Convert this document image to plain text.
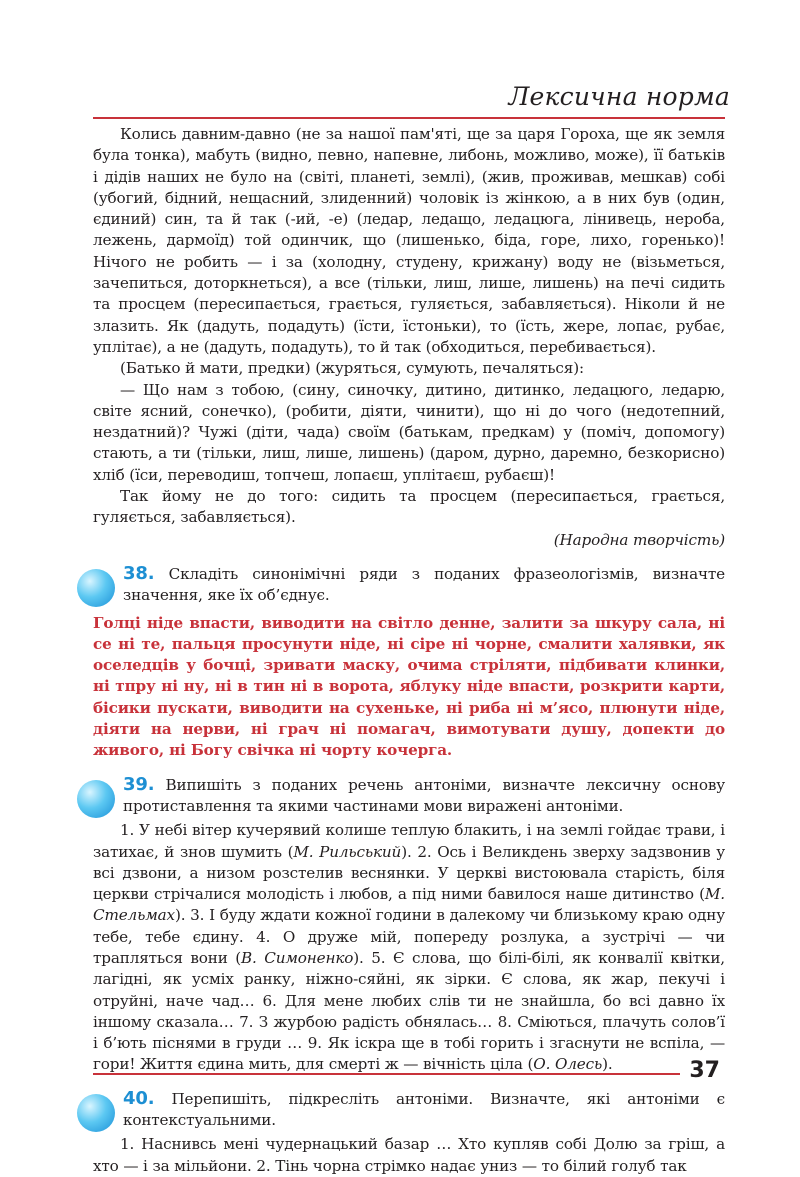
Лексична норма

Колись давним-давно (не за нашої пам'яті, ще за царя Гороха, ще як земля була тонка), мабуть (видно, певно, напевне, либонь, можливо, може), її батьків і дідів наших не було на (світі, планеті, землі), (жив, проживав, мешкав) собі (убогий, бідний, нещасний, злиденний) чоловік із жінкою, а в них був (один, єдиний) син, та й так (-ий, -е) (ледар, ледащо, ледацюга, лінивець, нероба, лежень, дармоїд) той одинчик, що (лишенько, біда, горе, лихо, горенько)! Нічого не робить — і за (холодну, студену, крижану) воду не (візьметься, зачепиться, доторкнеться), а все (тільки, лиш, лише, лишень) на печі сидить та просцем (пересипається, грається, гуляється, забавляється). Ніколи й не злазить. Як (дадуть, подадуть) (їсти, їстоньки), то (їсть, жере, лопає, рубає, уплітає), а не (дадуть, подадуть), то й так (обходиться, перебивається).

(Батько й мати, предки) (журяться, сумують, печаляться):

— Що нам з тобою, (сину, синочку, дитино, дитинко, ледацюго, ледарю, світе ясний, сонечко), (робити, діяти, чинити), що ні до чого (недотепний, нездатний)? Чужі (діти, чада) своїм (батькам, предкам) у (поміч, допомогу) стають, а ти (тільки, лиш, лише, лишень) (даром, дурно, даремно, безкорисно) хліб (їси, переводиш, топчеш, лопаєш, уплітаєш, рубаєш)!

Так йому не до того: сидить та просцем (пересипається, грається, гуляється, забавляється).

(Народна творчість)

38. Складіть синонімічні ряди з поданих фразеологізмів, визначте значення, яке їх об’єднує.

Голці ніде впасти, виводити на світло денне, залити за шкуру сала, ні се ні те, пальця просунути ніде, ні сіре ні чорне, смалити халявки, як оселедців у бочці, зривати маску, очима стріляти, підбивати клинки, ні тпру ні ну, ні в тин ні в ворота, яблуку ніде впасти, розкрити карти, бісики пускати, виводити на сухеньке, ні риба ні м’ясо, плюнути ніде, діяти на нерви, ні грач ні помагач, вимотувати душу, допекти до живого, ні Богу свічка ні чорту кочерга.

39. Випишіть з поданих речень антоніми, визначте лексичну основу протиставлення та якими частинами мови виражені антоніми.

1. У небі вітер кучерявий колише теплую блакить, і на землі гойдає трави, і затихає, й знов шумить (М. Рильський). 2. Ось і Великдень зверху задзвонив у всі дзвони, а низом розстелив веснянки. У церкві вистоювала старість, біля церкви стрічалися молодість і любов, а під ними бавилося наше дитинство (М. Стельмах). 3. І буду ждати кожної години в далекому чи близькому краю одну тебе, тебе єдину. 4. О друже мій, попереду розлука, а зустрічі — чи трапляться вони (В. Симоненко). 5. Є слова, що білі-білі, як конвалії квітки, лагідні, як усміх ранку, ніжно-сяйні, як зірки. Є слова, як жар, пекучі і отруйні, наче чад… 6. Для мене любих слів ти не знайшла, бо всі давно їх іншому сказала… 7. З журбою радість обнялась… 8. Сміються, плачуть солов’ї і б’ють піснями в груди … 9. Як іскра ще в тобі горить і згаснути не вспіла, — гори! Життя єдина мить, для смерті ж — вічність ціла (О. Олесь).

40. Перепишіть, підкресліть антоніми. Визначте, які антоніми є контекстуальними.

1. Наснивсь мені чудернацький базар … Хто купляв собі Долю за гріш, а хто — і за мільйони. 2. Тінь чорна стрімко надає униз — то білий голуб так

37
